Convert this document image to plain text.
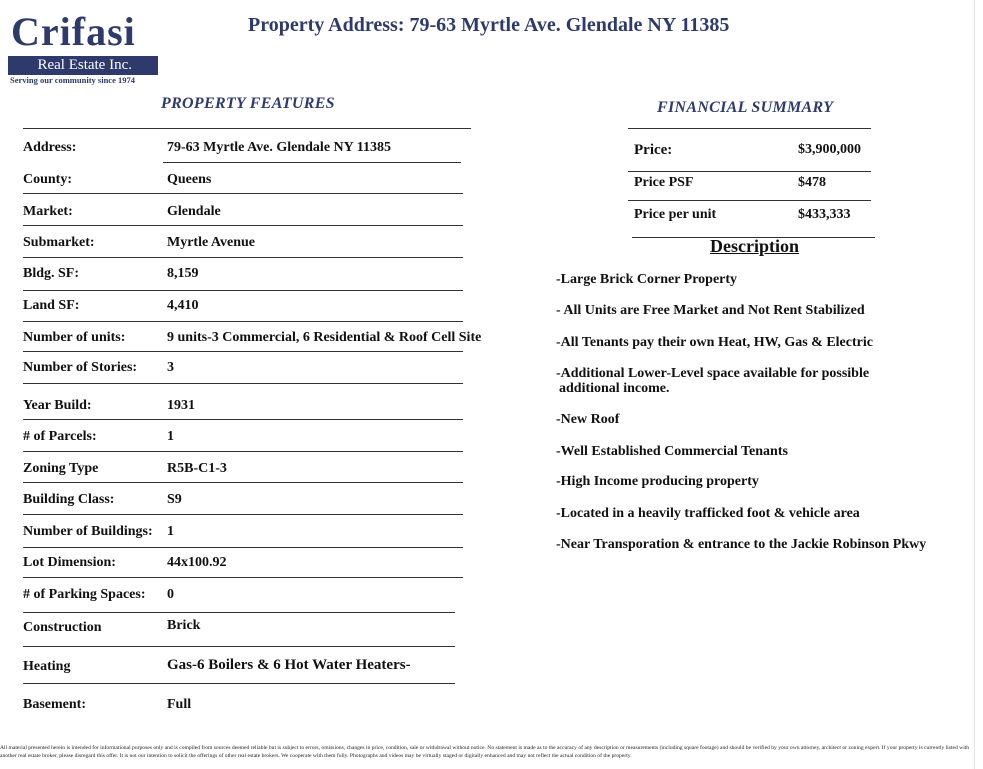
Crifasi
Real Estate Inc.
Serving our community since 1974
Property Address: 79-63 Myrtle Ave. Glendale NY 11385
PROPERTY FEATURES
Address:	79-63 Myrtle Ave. Glendale NY 11385
County:	Queens
Market:	Glendale
Submarket:	Myrtle Avenue
Bldg. SF:	8,159
Land SF:	4,410
Number of units:	9 units-3 Commercial, 6 Residential & Roof Cell Site
Number of Stories: 3
Year Build:	1931
# of Parcels:	1
Zoning Type	R5B-C1-3
Building Class:	S9
Number of Buildings: 1
Lot Dimension:	44x100.92
# of Parking Spaces: 0
Construction	Brick
Heating	Gas-6 Boilers & 6 Hot Water Heaters-
Basement:	Full
FINANCIAL SUMMARY
Price:	$3,900,000
Price PSF	$478
Price per unit	$433,333
Description
-Large Brick Corner Property
- All Units are Free Market and Not Rent Stabilized
-All Tenants pay their own Heat, HW, Gas & Electric
-Additional Lower-Level space available for possible
additional income.
-New Roof
-Well Established Commercial Tenants
-High Income producing property
-Located in a heavily trafficked foot & vehicle area
-Near Transporation & entrance to the Jackie Robinson Pkwy
All material presented herein is intended for informational purposes only and is compiled from sources deemed reliable but is subject to errors, omissions, changes in price, condition, sale or withdrawal without notice. No statement is made as to the accuracy of any description or measurements (including square footage) and should be verified by your own attorney, architect or zoning expert. If your property is currently listed with another real estate broker, please disregard this offer. It is not our intention to solicit the offerings of other real estate brokers. We cooperate with them fully. Photographs and videos may be virtually staged or digitally enhanced and may not reflect the actual condition of the property.
